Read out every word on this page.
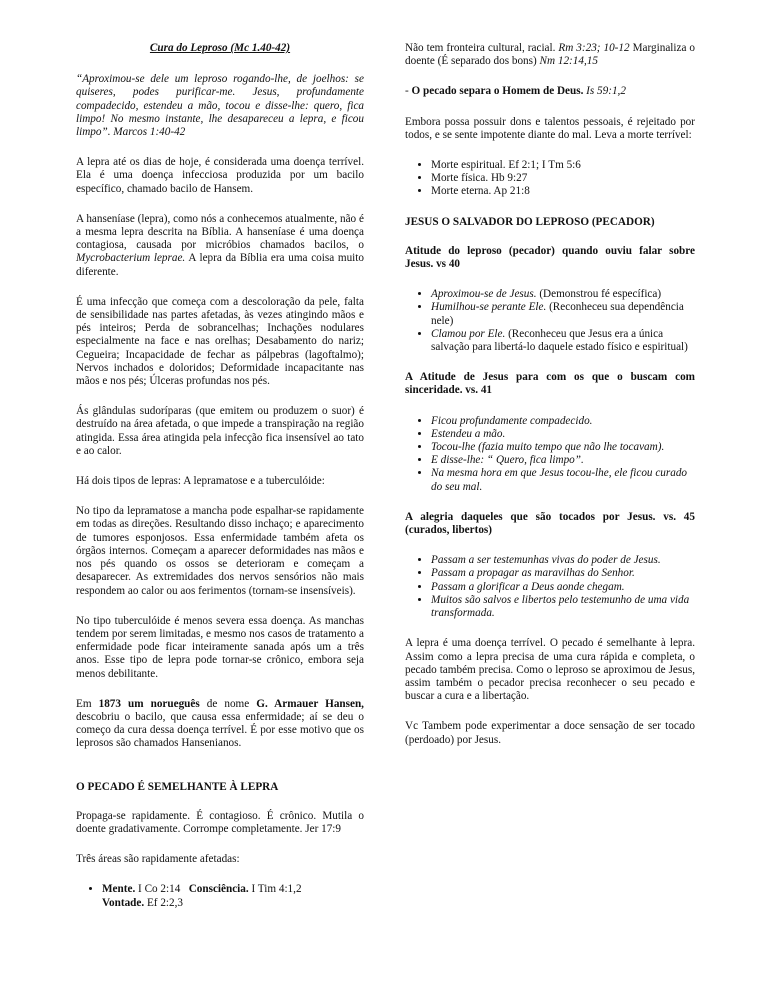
Cura do Leproso (Mc 1.40-42)

“Aproximou-se dele um leproso rogando-lhe, de joelhos: se quiseres, podes purificar-me. Jesus, profundamente compadecido, estendeu a mão, tocou e disse-lhe: quero, fica limpo! No mesmo instante, lhe desapareceu a lepra, e ficou limpo”. Marcos 1:40-42

A lepra até os dias de hoje, é considerada uma doença terrível. Ela é uma doença infecciosa produzida por um bacilo específico, chamado bacilo de Hansem.

A hanseníase (lepra), como nós a conhecemos atualmente, não é a mesma lepra descrita na Bíblia. A hanseníase é uma doença contagiosa, causada por micróbios chamados bacilos, o Mycrobacterium leprae. A lepra da Bíblia era uma coisa muito diferente.

É uma infecção que começa com a descoloração da pele, falta de sensibilidade nas partes afetadas, às vezes atingindo mãos e pés inteiros; Perda de sobrancelhas; Inchações nodulares especialmente na face e nas orelhas; Desabamento do nariz; Cegueira; Incapacidade de fechar as pálpebras (lagoftalmo); Nervos inchados e doloridos; Deformidade incapacitante nas mãos e nos pés; Úlceras profundas nos pés.

Ás glândulas sudoríparas (que emitem ou produzem o suor) é destruído na área afetada, o que impede a transpiração na região atingida. Essa área atingida pela infecção fica insensível ao tato e ao calor.

Há dois tipos de lepras: A lepramatose e a tuberculóide:

No tipo da lepramatose a mancha pode espalhar-se rapidamente em todas as direções. Resultando disso inchaço; e aparecimento de tumores esponjosos. Essa enfermidade também afeta os órgãos internos. Começam a aparecer deformidades nas mãos e nos pés quando os ossos se deterioram e começam a desaparecer. As extremidades dos nervos sensórios não mais respondem ao calor ou aos ferimentos (tornam-se insensíveis).

No tipo tuberculóide é menos severa essa doença. As manchas tendem por serem limitadas, e mesmo nos casos de tratamento a enfermidade pode ficar inteiramente sanada após um a três anos. Esse tipo de lepra pode tornar-se crônico, embora seja menos debilitante.

Em 1873 um norueguês de nome G. Armauer Hansen, descobriu o bacilo, que causa essa enfermidade; aí se deu o começo da cura dessa doença terrível. É por esse motivo que os leprosos são chamados Hansenianos.

O PECADO É SEMELHANTE À LEPRA

Propaga-se rapidamente. É contagioso. É crônico. Mutila o doente gradativamente. Corrompe completamente. Jer 17:9

Três áreas são rapidamente afetadas:

• Mente. I Co 2:14 Consciência. I Tim 4:1,2
Vontade. Ef 2:2,3

Não tem fronteira cultural, racial. Rm 3:23; 10-12 Marginaliza o doente (É separado dos bons) Nm 12:14,15

- O pecado separa o Homem de Deus. Is 59:1,2

Embora possa possuir dons e talentos pessoais, é rejeitado por todos, e se sente impotente diante do mal. Leva a morte terrível:

• Morte espiritual. Ef 2:1; I Tm 5:6
• Morte física. Hb 9:27
• Morte eterna. Ap 21:8

JESUS O SALVADOR DO LEPROSO (PECADOR)

Atitude do leproso (pecador) quando ouviu falar sobre Jesus. vs 40

• Aproximou-se de Jesus. (Demonstrou fé específica)
• Humilhou-se perante Ele. (Reconheceu sua dependência nele)
• Clamou por Ele. (Reconheceu que Jesus era a única salvação para libertá-lo daquele estado físico e espiritual)

A Atitude de Jesus para com os que o buscam com sinceridade. vs. 41

• Ficou profundamente compadecido.
• Estendeu a mão.
• Tocou-lhe (fazia muito tempo que não lhe tocavam).
• E disse-lhe: “ Quero, fica limpo”.
• Na mesma hora em que Jesus tocou-lhe, ele ficou curado do seu mal.

A alegria daqueles que são tocados por Jesus. vs. 45 (curados, libertos)

• Passam a ser testemunhas vivas do poder de Jesus.
• Passam a propagar as maravilhas do Senhor.
• Passam a glorificar a Deus aonde chegam.
• Muitos são salvos e libertos pelo testemunho de uma vida transformada.

A lepra é uma doença terrível. O pecado é semelhante à lepra. Assim como a lepra precisa de uma cura rápida e completa, o pecado também precisa. Como o leproso se aproximou de Jesus, assim também o pecador precisa reconhecer o seu pecado e buscar a cura e a libertação.

Vc Tambem pode experimentar a doce sensação de ser tocado (perdoado) por Jesus.
